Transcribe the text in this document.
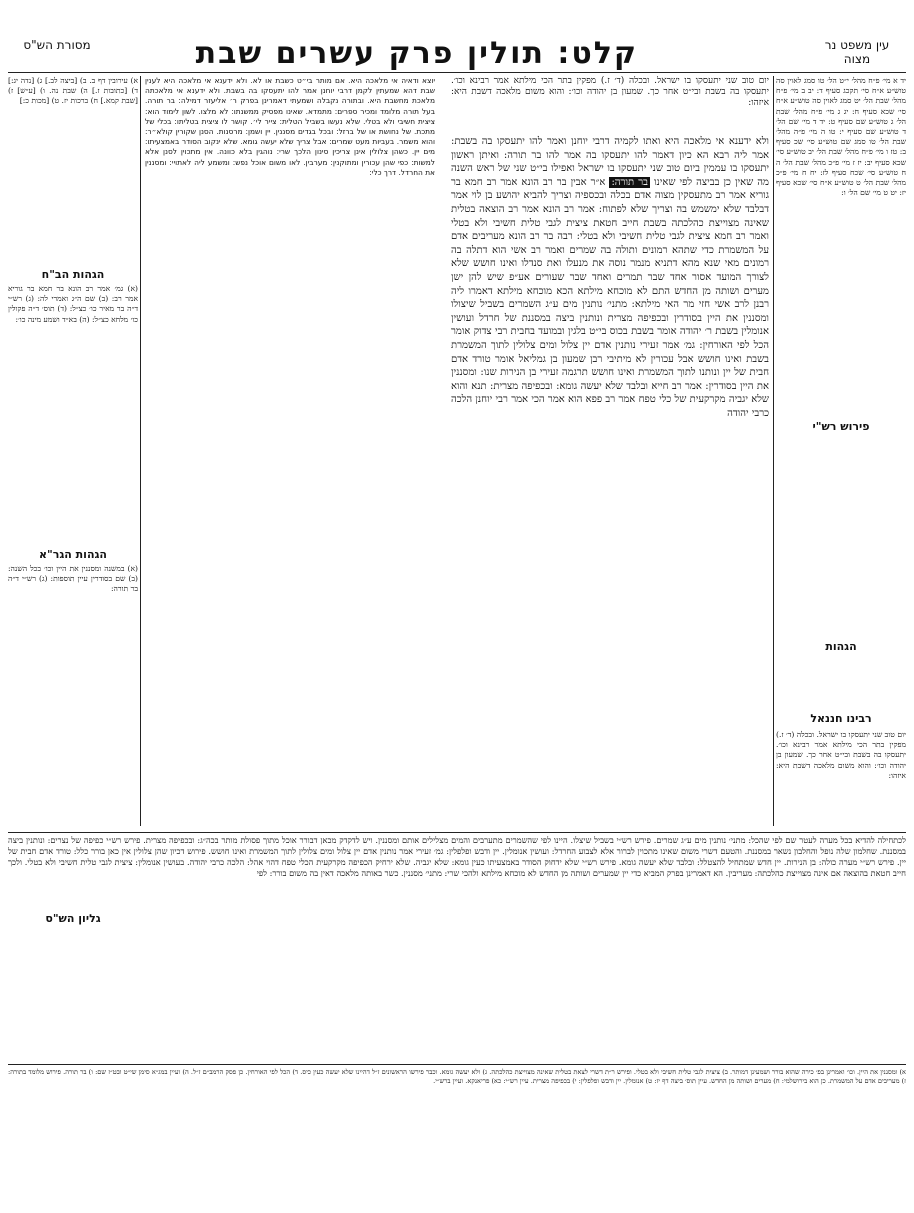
עין משפט נר מצוה
קלט: תולין פרק עשרים שבת
מסורת הש"ס
יד א מי׳ פ״ח מהל׳ י״ט הל׳ טו סמג לאוין סה טוש״ע א״ח סי׳ תקכג סעיף ד: יב ב מי׳ פ״ח מהל׳ שבת הל׳ יט סמג לאוין סה טוש״ע א״ח סי׳ שכא סעיף ח: יג ג מי׳ פ״ח מהל׳ שבת הל׳ ג טוש״ע שם סעיף ט: יד ד מי׳ שם הל׳ ד טוש״ע שם סעיף י: טו ה מי׳ פ״ה מהל׳ שבת הל׳ טו סמג שם טוש״ע סי׳ שכ סעיף ב: טז ו מי׳ פ״ח מהל׳ שבת הל׳ יב טוש״ע סי׳ שכא סעיף יב: יז ז מי׳ פ״כ מהל׳ שבת הל׳ ה ח טוש״ע סי׳ שכח סעיף לז: יח ח מי׳ פ״כ מהל׳ שבת הל׳ ט טוש״ע א״ח סי׳ שכא סעיף יז: יט ט מי׳ שם הל׳ ו:
רבינו חננאל
יום טוב שני יתעסקו בו ישראל. ובכלה (ד׳ ז.) מפקין בתר הכי מילתא אמר רבינא וכו׳. יתעסקו בה בשבת ובי״ט אחר כך. שמעון בן יהודה וכו׳: והוא משום מלאכה דשבת היא: איזהו:
פירוש רש"י
הגהות
א) עירובין דף ב. ב) [ביצה לב.] ג) [נדה יג:] ד) [כתובות ז.] ה) שבת נה. ו) [ע״ש] ז) [שבת קמא.] ח) ברכות יז. ט) [מכות כ:]
הגהות הב"ח
(א) גמ׳ אמר רב הונא בר חמא בר גוריא אמר רב: (ב) שם ה״ג ואמרי לה: (ג) רש״י ד״ה בר מאיר כו׳ כצ״ל: (ד) תוס׳ ד״ה פקולין כו׳ מלחא כצ״ל: (ה) בא״ד ושמע מינה כו׳:
הגהות הגר"א
(א) במשנה ומסננין את היין וכו׳ בכל השנה: (ב) שם בסודרין עיין תוספות: (ג) רש״י ד״ה בר תורה:
גליון הש"ס
יוצא ודאיה אי מלאכה היא. אם מותר בי״ט כשבת או לא. ולא ידענא אי מלאכה היא לענין שבת דהא שמעתין לקמן דרבי יוחנן אמר להו יתעסקו בה בשבת. ולא ידענא אי מלאכתה מלאכת מחשבת היא. ובתורה נקבלה ושמעתי דאמרינן בפרק ר׳ אליעזר דמילה: בר תורה. בעל תורה מלומד ומכיר ספרים: מתמדא. שאינו מפסיק ממשנתו: לא מלצו. לשון לימוד הוא: ציצית חשיבי ולא בטלי. שלא נעשו בשביל הטלית: צייר לי׳. קושר לו ציצית בטליתו: בכלי של מתכת. של נחושת או של ברזל: ובכל בגדים מסננין. יין ושמן: מרסנות. הסנן שקורין קולא״ר: והוא משמר. בעביות מעט שמרים: אבל צריך שלא יעשה גומא. שלא ינקוב הסודר באמצעיתו: מים יין. כשהן צלולין אינן צריכין סינון הלכך שרי: נוהגין בלא כוונה. אין מתכוין לסנן אלא למשות: כפי שהן עכורין ומתוקנין: מערבין. לאו משום אוכל נפש: ומשמע ליה לאתויי: ומסננין את החרדל. דרך כלי:
יום טוב שני יתעסקו בו ישראל. ובכלה (ד׳ ז.) מפקין בתר הכי מילתא אמר רבינא וכו׳. יתעסקו בה בשבת ובי״ט אחר כך. שמעון בן יהודה וכו׳: והוא משום מלאכה דשבת היא: איזהו:

ולא ידענא אי מלאכה היא ואתו לקמיה דרבי יוחנן ואמר להו יתעסקו בה בשבת: אמר ליה רבא הא כיון דאמר להו יתעסקו בה אמר להו בר תורה: ואיתן ראשון יתעסקו בו עממין ביום טוב שני יתעסקו בו ישראל ואפילו בי״ט שני של ראש השנה מה שאין כן בביצה לפי שאינו בר תורה: א״ר אבין בר רב הונא אמר רב חמא בר גוריא אמר רב מתעסקין מצוה אדם בכלה ובכספיה וצריך להביא יהושע בן לוי אמר דבלבד שלא ימשמש בה וצריך שלא לפתוח: אמר רב הונא אמר רב הוצאה בטלית שאינה מצוייצת כהלכתה בשבת חייב חטאת ציצית לגבי טלית חשיבי ולא בטלי ואמר רב חמא ציצית לגבי טלית חשיבי ולא בטלי: רבה בר רב הונא מעריבים אדם על המשמרת כדי שתהא רמונים ותולה בה שמרים ואמר רב אשי הוא דתלה בה רמונים מאי שנא מהא דתניא מנמר נוסה את מנעלו ואת סנדלו ואינו חושש שלא לצורך המועד אסור אחד שבר תמרים ואחד שבר שעורים אע״פ שיש להן ישן מערים ושותה מן החדש התם לא מוכחא מילתא הכא מוכחא מילתא דאמרו ליה רבנן לרב אשי חזי מר האי מילתא: מתני׳ נותנין מים ע״ג השמרים בשביל שיצולו ומסננין את היין בסודרין ובכפיפה מצרית ונותנין ביצה במסננת של חרדל ועושין אנומלין בשבת ר׳ יהודה אומר בשבת בכוס בי״ט בלגין ובמועד בחבית רבי צדוק אומר הכל לפי האורחין: גמ׳ אמר זעירי נותנין אדם יין צלול ומים צלולין לתוך המשמרת בשבת ואינו חושש אבל עכורין לא מיתיבי רבן שמעון בן גמליאל אומר טורד אדם חבית של יין ונותנו לתוך המשמרת ואינו חושש תרגמה זעירי בן הנירות שנו: ומסננין את היין בסודרין: אמר רב חייא ובלבד שלא יעשה גומא: ובכפיפה מצרית: תנא והוא שלא יגביה מקרקעית של כלי טפח אמר רב פפא הוא אמר הכי אמר רבי יוחנן הלכה כרבי יהודה

לכתחילה להדיא בכל מערה לעטר שם לפי שהכל: מתני׳ נותנין מים ע״ג שמרים. פירש רש״י בשביל שיצלו. היינו לפי שהשמרים מתערבים והמים מצלילים אותם ומסננין. ויש לדקדק מכאן דבורר אוכל מתוך פסולת מותר בכה״ג: ובכפיפה מצרית. פירש רש״י כפיפה של נצרים: ונותנין ביצה במסננת. שחלמון שלה נופל והחלבון נשאר במסננת. והטעם דשרי משום שאינו מתכוין לברור אלא לצבוע החרדל: ועושין אנומלין. יין ודבש ופלפלין: גמ׳ זעירי אמר נותנין אדם יין צלול ומים צלולין לתוך המשמרת ואינו חושש. פירוש דכיון שהן צלולין אין כאן בורר כלל: טורד אדם חבית של יין. פירש רש״י מערה כולה: בן הנירות. יין חדש שמתחיל להצטלל: ובלבד שלא יעשה גומא. פירש רש״י שלא ידחוק הסודר באמצעיתו כעין גומא: שלא יגביה. שלא ירחיק הכפיפה מקרקעית הכלי טפח דהוי אהל: הלכה כרבי יהודה. בעושין אנומלין: ציצית לגבי טלית חשיבי ולא בטלי. ולכך חייב חטאת בהוצאה אם אינה מצוייצת כהלכתה: מעריבין. הא דאמרינן בפרק המביא כדי יין שמערים ושותה מן החדש לא מוכחא מילתא ולהכי שרי: מתני׳ מסננין. כשר באותה מלאכה דאין בה משום בורר: לפי
א) ומסננין את היין. וכו׳ ואמרינן בפ׳ כירה שהוא בורר ושמעינן דמותר. ב) ציצית לגבי טלית חשיבי ולא בטלי. ופירש ר״ת דשרי לצאת בטלית שאינה מצוייצת כהלכתה. ג) ולא יעשה גומא. וכבר פירשו הראשונים ז״ל דהיינו שלא יעשה כעין כיס. ד) הכל לפי האורחין. כן פסק הרמב״ם ז״ל. ה) ועיין במג״א סימן שי״ט ובט״ז שם: ו) בר תורה. פירוש מלומד בתורה: ז) מעריבים אדם על המשמרת. כן הוא בירושלמי: ח) מערים ושותה מן החדש. עיין תוס׳ ביצה דף יז: ט) אנומלין. יין ודבש ופלפלין: י) בכפיפה מצרית. עיין רש״י: כא) פריאנקא. ועיין ברש״י.
